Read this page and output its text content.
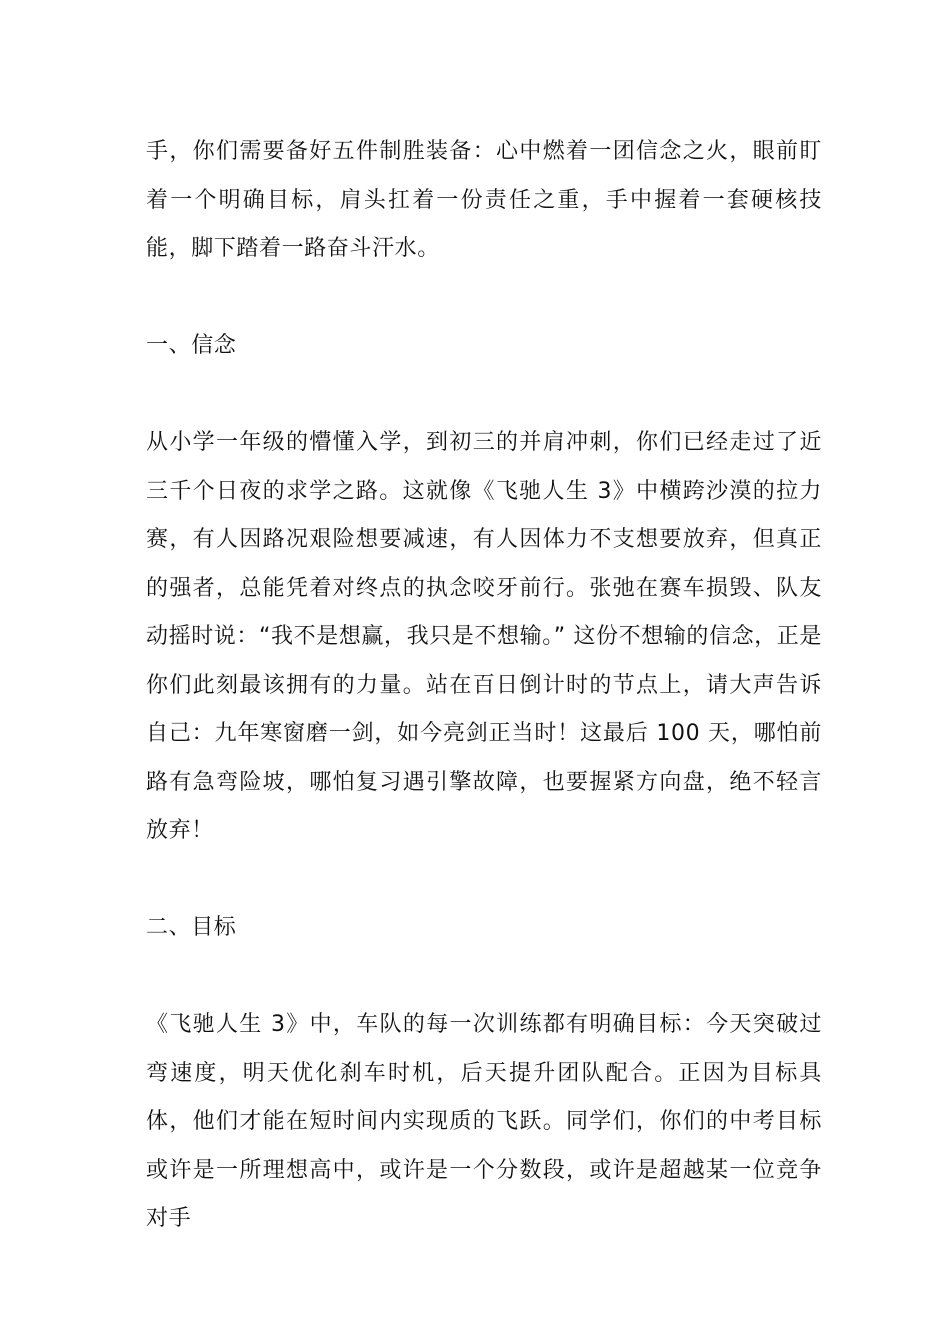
手，你们需要备好五件制胜装备：心中燃着一团信念之火，眼前盯着一个明确目标，肩头扛着一份责任之重，手中握着一套硬核技能，脚下踏着一路奋斗汗水。

一、信念

从小学一年级的懵懂入学，到初三的并肩冲刺，你们已经走过了近三千个日夜的求学之路。这就像《飞驰人生 3》中横跨沙漠的拉力赛，有人因路况艰险想要减速，有人因体力不支想要放弃，但真正的强者，总能凭着对终点的执念咬牙前行。张弛在赛车损毁、队友动摇时说：“我不是想赢，我只是不想输。” 这份不想输的信念，正是你们此刻最该拥有的力量。站在百日倒计时的节点上，请大声告诉自己：九年寒窗磨一剑，如今亮剑正当时！这最后 100 天，哪怕前路有急弯险坡，哪怕复习遇引擎故障，也要握紧方向盘，绝不轻言放弃！

二、目标

《飞驰人生 3》中，车队的每一次训练都有明确目标：今天突破过弯速度，明天优化刹车时机，后天提升团队配合。正因为目标具体，他们才能在短时间内实现质的飞跃。同学们，你们的中考目标或许是一所理想高中，或许是一个分数段，或许是超越某一位竞争对手
